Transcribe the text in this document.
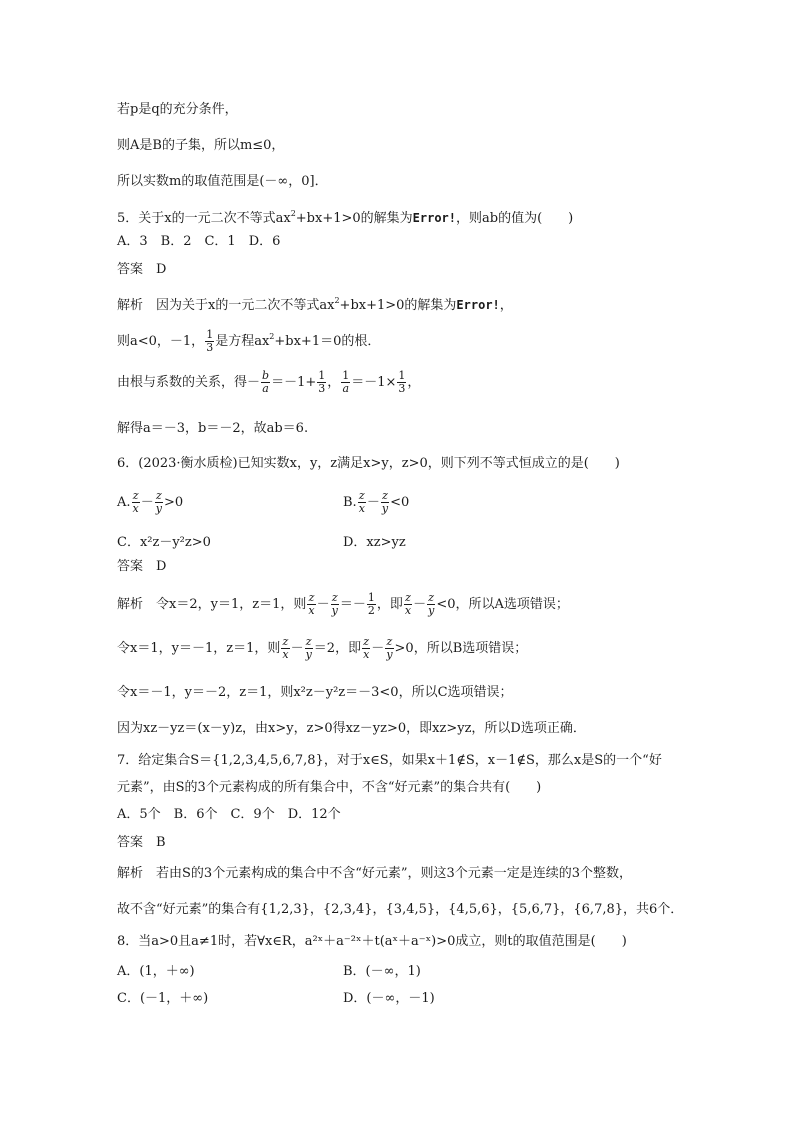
若p是q的充分条件，
则A是B的子集，所以m≤0，
所以实数m的取值范围是(－∞，0]．
5．关于x的一元二次不等式$ax^2+bx+1>0$的解集为Error!，则ab的值为(　　)
A．3　B．2　C．1　D．6
答案　 D
解析　 因为关于x的一元二次不等式$ax^2+bx+1>0$的解集为Error!，
则a<0，－1， $\frac{1}{3}$ 是方程$ax^2+bx+1=0$的根．
由根与系数的关系，得－ $\frac{b}{a} =-1+ \frac{1}{3}$ ， $\frac{1}{a} =-1\times \frac{1}{3}$ ，
解得a＝－3，b＝－2，故ab＝6.
6．(2023·衡水质检)已知实数x，y，z满足x>y，z>0，则下列不等式恒成立的是(　　)
A. $\frac{z}{x} - \frac{z}{y} >0$	B. $\frac{z}{x} - \frac{z}{y} <0$
C．x²z－y²z>0	D．xz>yz
答案　 D
解析　 令x＝2，y＝1，z＝1，则 $\frac{z}{x} - \frac{z}{y} =- \frac{1}{2}$ ，即 $\frac{z}{x} - \frac{z}{y} <0$，所以A选项错误；
令x＝1，y＝－1，z＝1，则 $\frac{z}{x} - \frac{z}{y} =2$，即 $\frac{z}{x} - \frac{z}{y} >0$，所以B选项错误；
令x＝－1，y＝－2，z＝1，则x²z－y²z＝－3<0，所以C选项错误；
因为xz－yz＝(x－y)z，由x>y，z>0得xz－yz>0，即xz>yz，所以D选项正确．
7．给定集合S＝{1,2,3,4,5,6,7,8}，对于x∈S，如果x＋1∉S，x－1∉S，那么x是S的一个“好
元素”，由S的3个元素构成的所有集合中，不含“好元素”的集合共有(　　)
A．5个　B．6个　C．9个　D．12个
答案　 B
解析　 若由S的3个元素构成的集合中不含“好元素”，则这3个元素一定是连续的3个整数，
故不含“好元素”的集合有{1,2,3}，{2,3,4}，{3,4,5}，{4,5,6}，{5,6,7}，{6,7,8}，共6个．
8．当a>0且a≠1时，若∀x∈R，a²ˣ＋a⁻²ˣ＋t(aˣ＋a⁻ˣ)>0成立，则t的取值范围是(　　)
A．(1，＋∞)	B．(－∞，1)
C．(－1，＋∞)	D．(－∞，－1)
